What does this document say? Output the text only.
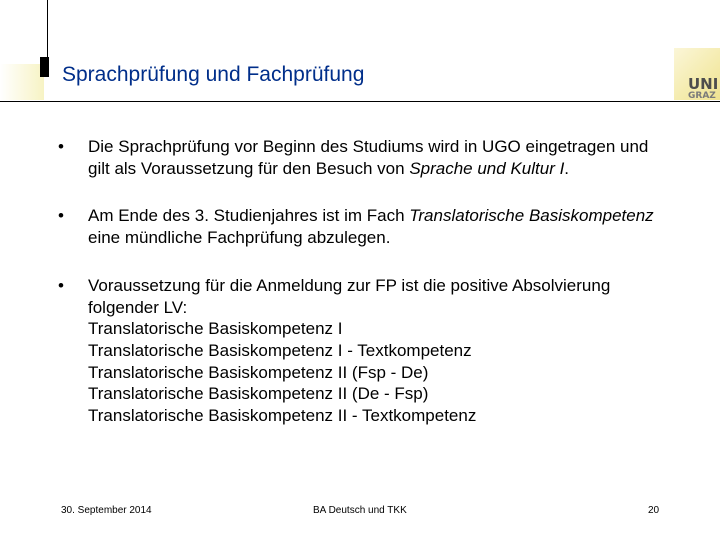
UNI
GRAZ
Sprachprüfung und Fachprüfung
• Die Sprachprüfung vor Beginn des Studiums wird in UGO eingetragen und gilt als Voraussetzung für den Besuch von Sprache und Kultur I.
• Am Ende des 3. Studienjahres ist im Fach Translatorische Basiskompetenz eine mündliche Fachprüfung abzulegen.
• Voraussetzung für die Anmeldung zur FP ist die positive Absolvierung folgender LV:
Translatorische Basiskompetenz I
Translatorische Basiskompetenz I - Textkompetenz
Translatorische Basiskompetenz II (Fsp - De)
Translatorische Basiskompetenz II (De - Fsp)
Translatorische Basiskompetenz II - Textkompetenz
30. September 2014	BA Deutsch und TKK	20
